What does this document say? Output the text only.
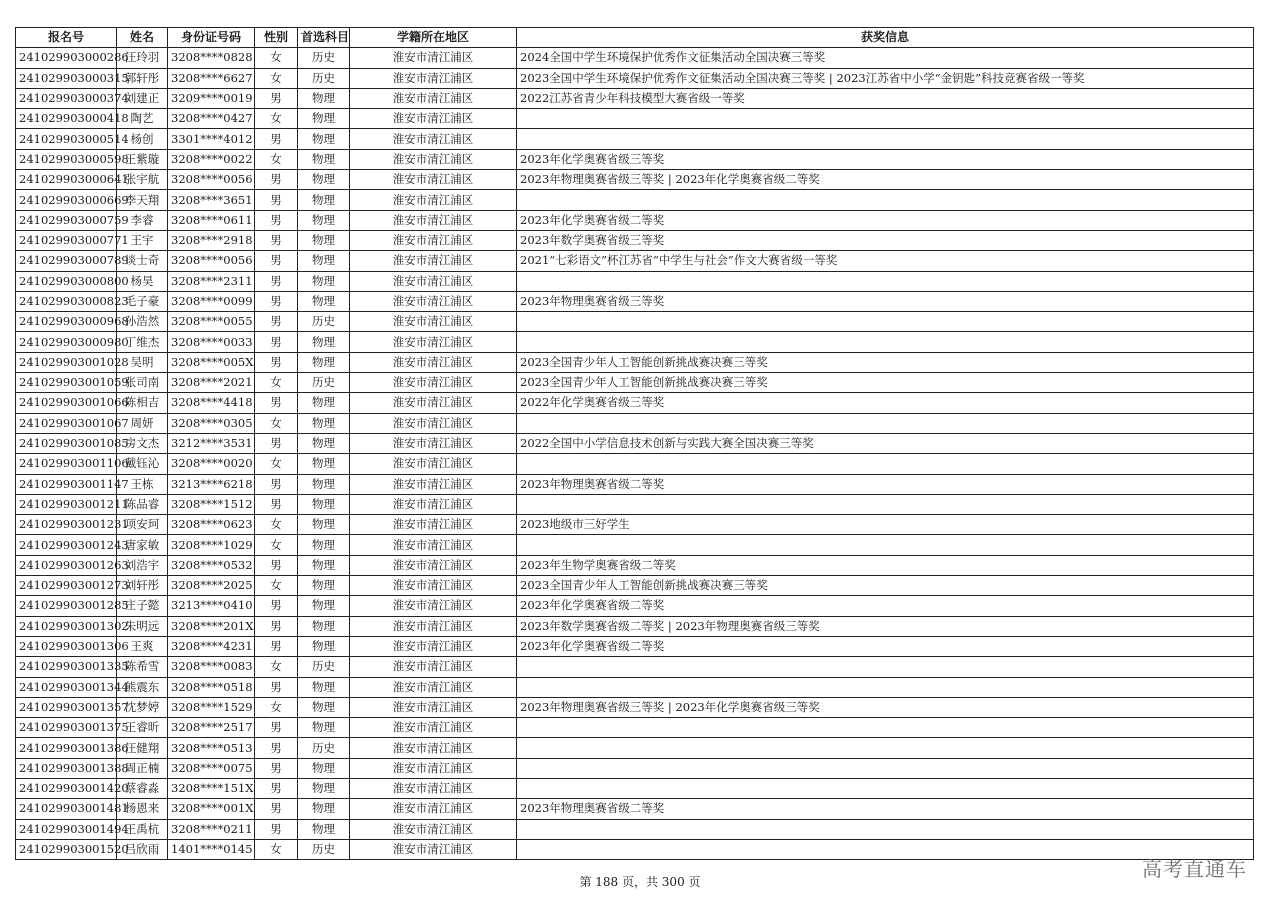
报名号	姓名	身份证号码	性别	首选科目	学籍所在地区	获奖信息
241029903000286	汪玲羽	3208****0828	女	历史	淮安市清江浦区	2024全国中学生环境保护优秀作文征集活动全国决赛三等奖
241029903000315	郭轩彤	3208****6627	女	历史	淮安市清江浦区	2023全国中学生环境保护优秀作文征集活动全国决赛三等奖 | 2023江苏省中小学“金钥匙”科技竞赛省级一等奖
241029903000374	刘建正	3209****0019	男	物理	淮安市清江浦区	2022江苏省青少年科技模型大赛省级一等奖
241029903000418	陶艺	3208****0427	女	物理	淮安市清江浦区	
241029903000514	杨创	3301****4012	男	物理	淮安市清江浦区	
241029903000598	王紫璇	3208****0022	女	物理	淮安市清江浦区	2023年化学奥赛省级三等奖
241029903000641	张宇航	3208****0056	男	物理	淮安市清江浦区	2023年物理奥赛省级三等奖 | 2023年化学奥赛省级二等奖
241029903000669	李天翔	3208****3651	男	物理	淮安市清江浦区	
241029903000759	李睿	3208****0611	男	物理	淮安市清江浦区	2023年化学奥赛省级二等奖
241029903000771	王宇	3208****2918	男	物理	淮安市清江浦区	2023年数学奥赛省级三等奖
241029903000789	谈士奇	3208****0056	男	物理	淮安市清江浦区	2021“七彩语文”杯江苏省“中学生与社会”作文大赛省级一等奖
241029903000800	杨昊	3208****2311	男	物理	淮安市清江浦区	
241029903000823	毛子豪	3208****0099	男	物理	淮安市清江浦区	2023年物理奥赛省级三等奖
241029903000968	孙浩然	3208****0055	男	历史	淮安市清江浦区	
241029903000980	丁维杰	3208****0033	男	物理	淮安市清江浦区	
241029903001028	吴明	3208****005X	男	物理	淮安市清江浦区	2023全国青少年人工智能创新挑战赛决赛三等奖
241029903001059	张司南	3208****2021	女	历史	淮安市清江浦区	2023全国青少年人工智能创新挑战赛决赛三等奖
241029903001066	陈相吉	3208****4418	男	物理	淮安市清江浦区	2022年化学奥赛省级三等奖
241029903001067	周妍	3208****0305	女	物理	淮安市清江浦区	
241029903001085	房文杰	3212****3531	男	物理	淮安市清江浦区	2022全国中小学信息技术创新与实践大赛全国决赛三等奖
241029903001106	戴钰沁	3208****0020	女	物理	淮安市清江浦区	
241029903001147	王栋	3213****6218	男	物理	淮安市清江浦区	2023年物理奥赛省级二等奖
241029903001211	陈品睿	3208****1512	男	物理	淮安市清江浦区	
241029903001231	项安珂	3208****0623	女	物理	淮安市清江浦区	2023地级市三好学生
241029903001243	唐家敏	3208****1029	女	物理	淮安市清江浦区	
241029903001263	刘浩宇	3208****0532	男	物理	淮安市清江浦区	2023年生物学奥赛省级二等奖
241029903001273	刘轩彤	3208****2025	女	物理	淮安市清江浦区	2023全国青少年人工智能创新挑战赛决赛三等奖
241029903001285	庄子懿	3213****0410	男	物理	淮安市清江浦区	2023年化学奥赛省级二等奖
241029903001302	朱明远	3208****201X	男	物理	淮安市清江浦区	2023年数学奥赛省级二等奖 | 2023年物理奥赛省级三等奖
241029903001306	王爽	3208****4231	男	物理	淮安市清江浦区	2023年化学奥赛省级二等奖
241029903001335	陈希雪	3208****0083	女	历史	淮安市清江浦区	
241029903001344	熊震东	3208****0518	男	物理	淮安市清江浦区	
241029903001357	沈梦婷	3208****1529	女	物理	淮安市清江浦区	2023年物理奥赛省级三等奖 | 2023年化学奥赛省级三等奖
241029903001375	王睿昕	3208****2517	男	物理	淮安市清江浦区	
241029903001386	汪健翔	3208****0513	男	历史	淮安市清江浦区	
241029903001388	周正楠	3208****0075	男	物理	淮安市清江浦区	
241029903001420	蔡睿淼	3208****151X	男	物理	淮安市清江浦区	
241029903001481	杨恩来	3208****001X	男	物理	淮安市清江浦区	2023年物理奥赛省级二等奖
241029903001494	王禹杭	3208****0211	男	物理	淮安市清江浦区	
241029903001520	吕欣雨	1401****0145	女	历史	淮安市清江浦区	
第 188 页，共 300 页
高考直通车
